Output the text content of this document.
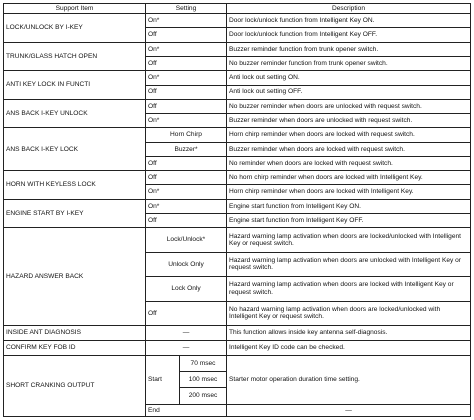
Support Item	Setting		Description
LOCK/UNLOCK BY I-KEY	On*		Door lock/unlock function from Intelligent Key ON.
	Off		Door lock/unlock function from Intelligent Key OFF.
TRUNK/GLASS HATCH OPEN	On*		Buzzer reminder function from trunk opener switch.
	Off		No buzzer reminder function from trunk opener switch.
ANTI KEY LOCK IN FUNCTI	On*		Anti lock out setting ON.
	Off		Anti lock out setting OFF.
ANS BACK I-KEY UNLOCK	Off		No buzzer reminder when doors are unlocked with request switch.
	On*		Buzzer reminder when doors are unlocked with request switch.
ANS BACK I-KEY LOCK	Horn Chirp		Horn chirp reminder when doors are locked with request switch.
	Buzzer*		Buzzer reminder when doors are locked with request switch.
	Off		No reminder when doors are locked with request switch.
HORN WITH KEYLESS LOCK	Off		No horn chirp reminder when doors are locked with Intelligent Key.
	On*		Horn chirp reminder when doors are locked with Intelligent Key.
ENGINE START BY I-KEY	On*		Engine start function from Intelligent Key ON.
	Off		Engine start function from Intelligent Key OFF.
HAZARD ANSWER BACK	Lock/Unlock*		Hazard warning lamp activation when doors are locked/unlocked with Intelligent Key or request switch.
	Unlock Only		Hazard warning lamp activation when doors are unlocked with Intelligent Key or request switch.
	Lock Only		Hazard warning lamp activation when doors are locked with Intelligent Key or request switch.
	Off		No hazard warning lamp activation when doors are locked/unlocked with Intelligent Key or request switch.
INSIDE ANT DIAGNOSIS	—		This function allows inside key antenna self-diagnosis.
CONFIRM KEY FOB ID	—		Intelligent Key ID code can be checked.
SHORT CRANKING OUTPUT	Start	70 msec	Starter motor operation duration time setting.
		100 msec	
		200 msec	
	End		—
